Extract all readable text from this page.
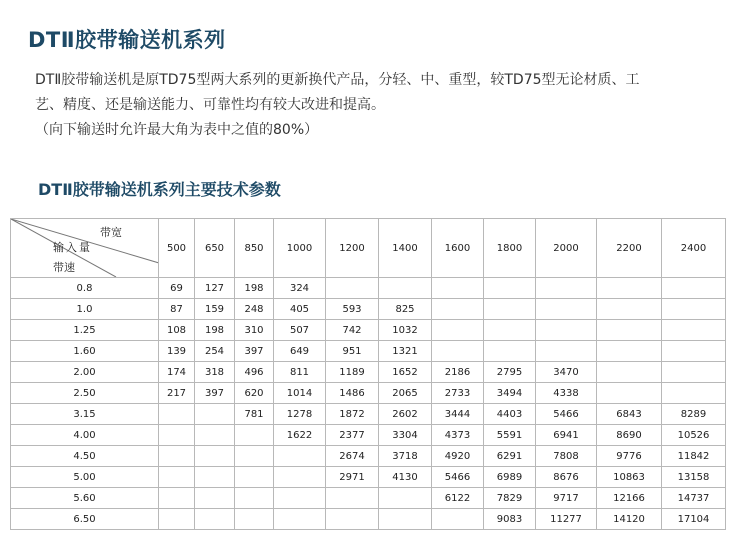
DTⅡ胶带输送机系列

DTⅡ胶带输送机是原TD75型两大系列的更新换代产品，分轻、中、重型，较TD75型无论材质、工

艺、精度、还是输送能力、可靠性均有较大改进和提高。

（向下输送时允许最大角为表中之值的80%）

DTⅡ胶带输送机系列主要技术参数
带宽
输入量
带速	500	650	850	1000	1200	1400	1600	1800	2000	2200	2400
0.8	69	127	198	324							
1.0	87	159	248	405	593	825					
1.25	108	198	310	507	742	1032					
1.60	139	254	397	649	951	1321					
2.00	174	318	496	811	1189	1652	2186	2795	3470		
2.50	217	397	620	1014	1486	2065	2733	3494	4338		
3.15			781	1278	1872	2602	3444	4403	5466	6843	8289
4.00				1622	2377	3304	4373	5591	6941	8690	10526
4.50					2674	3718	4920	6291	7808	9776	11842
5.00					2971	4130	5466	6989	8676	10863	13158
5.60							6122	7829	9717	12166	14737
6.50								9083	11277	14120	17104
